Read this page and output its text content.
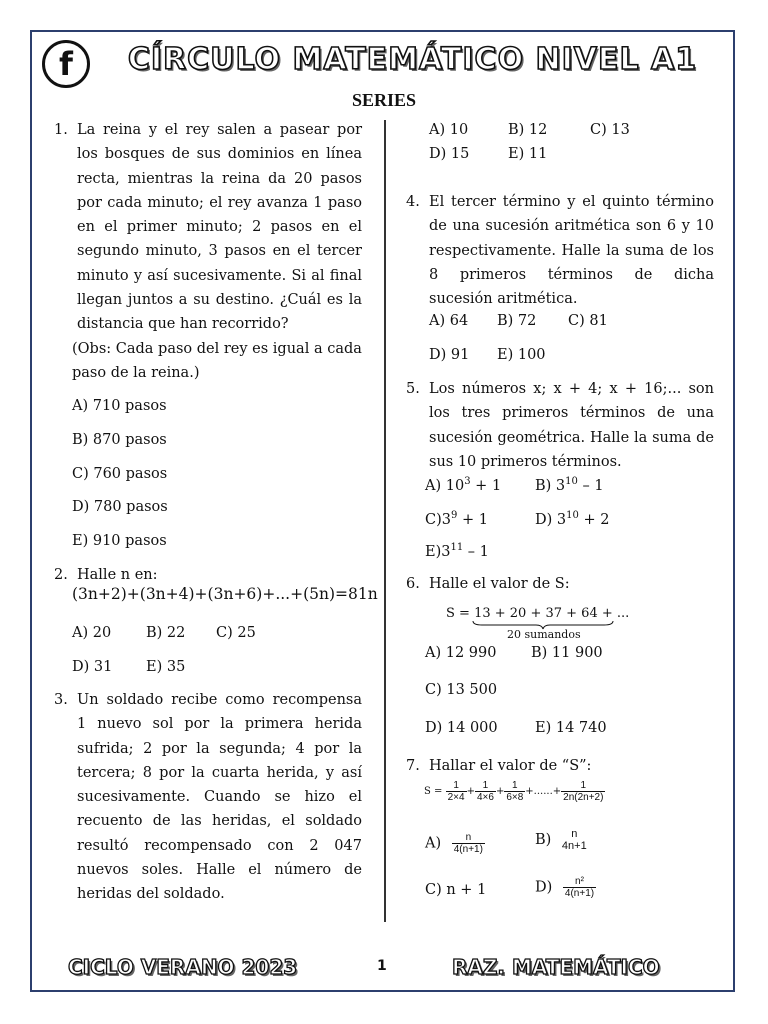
f	CÍRCULO MATEMÁTICO NIVEL A1
SERIES
1. La reina y el rey salen a pasear por los bosques de sus dominios en línea recta, mientras la reina da 20 pasos por cada minuto; el rey avanza 1 paso en el primer minuto; 2 pasos en el segundo minuto, 3 pasos en el tercer minuto y así sucesivamente. Si al final llegan juntos a su destino. ¿Cuál es la distancia que han recorrido?
(Obs: Cada paso del rey es igual a cada paso de la reina.)
A) 710 pasos
B) 870 pasos
C) 760 pasos
D) 780 pasos
E) 910 pasos
2. Halle n en:
(3n+2)+(3n+4)+(3n+6)+...+(5n)=81n
A) 20 B) 22 C) 25
D) 31 E) 35
3. Un soldado recibe como recompensa 1 nuevo sol por la primera herida sufrida; 2 por la segunda; 4 por la tercera; 8 por la cuarta herida, y así sucesivamente. Cuando se hizo el recuento de las heridas, el soldado resultó recompensado con 2 047 nuevos soles. Halle el número de heridas del soldado.
A) 10	B) 12	C) 13
D) 15	E) 11
4. El tercer término y el quinto término de una sucesión aritmética son 6 y 10 respectivamente. Halle la suma de los 8 primeros términos de dicha sucesión aritmética.
A) 64 B) 72 C) 81
D) 91 E) 100
5. Los números x; x + 4; x + 16;... son los tres primeros términos de una sucesión geométrica. Halle la suma de sus 10 primeros términos.
A) $10^3 + 1$ B) $3^{10} - 1$
$C)3^9 + 1$	D) $3^{10} + 2$
$E)3^{11} - 1$
6. Halle el valor de S:
S = 13 + 20 + 37 + 64 + ...
20 sumandos
A) 12 990 B) 11 900
C) 13 500
D) 14 000	E) 14 740
7. Hallar el valor de “S”:
$S = \frac{1}{2\times 4} + \frac{1}{4\times 6} + \frac{1}{6\times 8}$ +......+ $\frac{1}{2n(2n+2)}$
$A) \frac{n}{4(n+1)}$	B)	n
4n+1
C) n + 1	$D) \frac{\text{n²}}{4(n+1)}$
CICLO VERANO 2023	1	RAZ. MATEMÁTICO
